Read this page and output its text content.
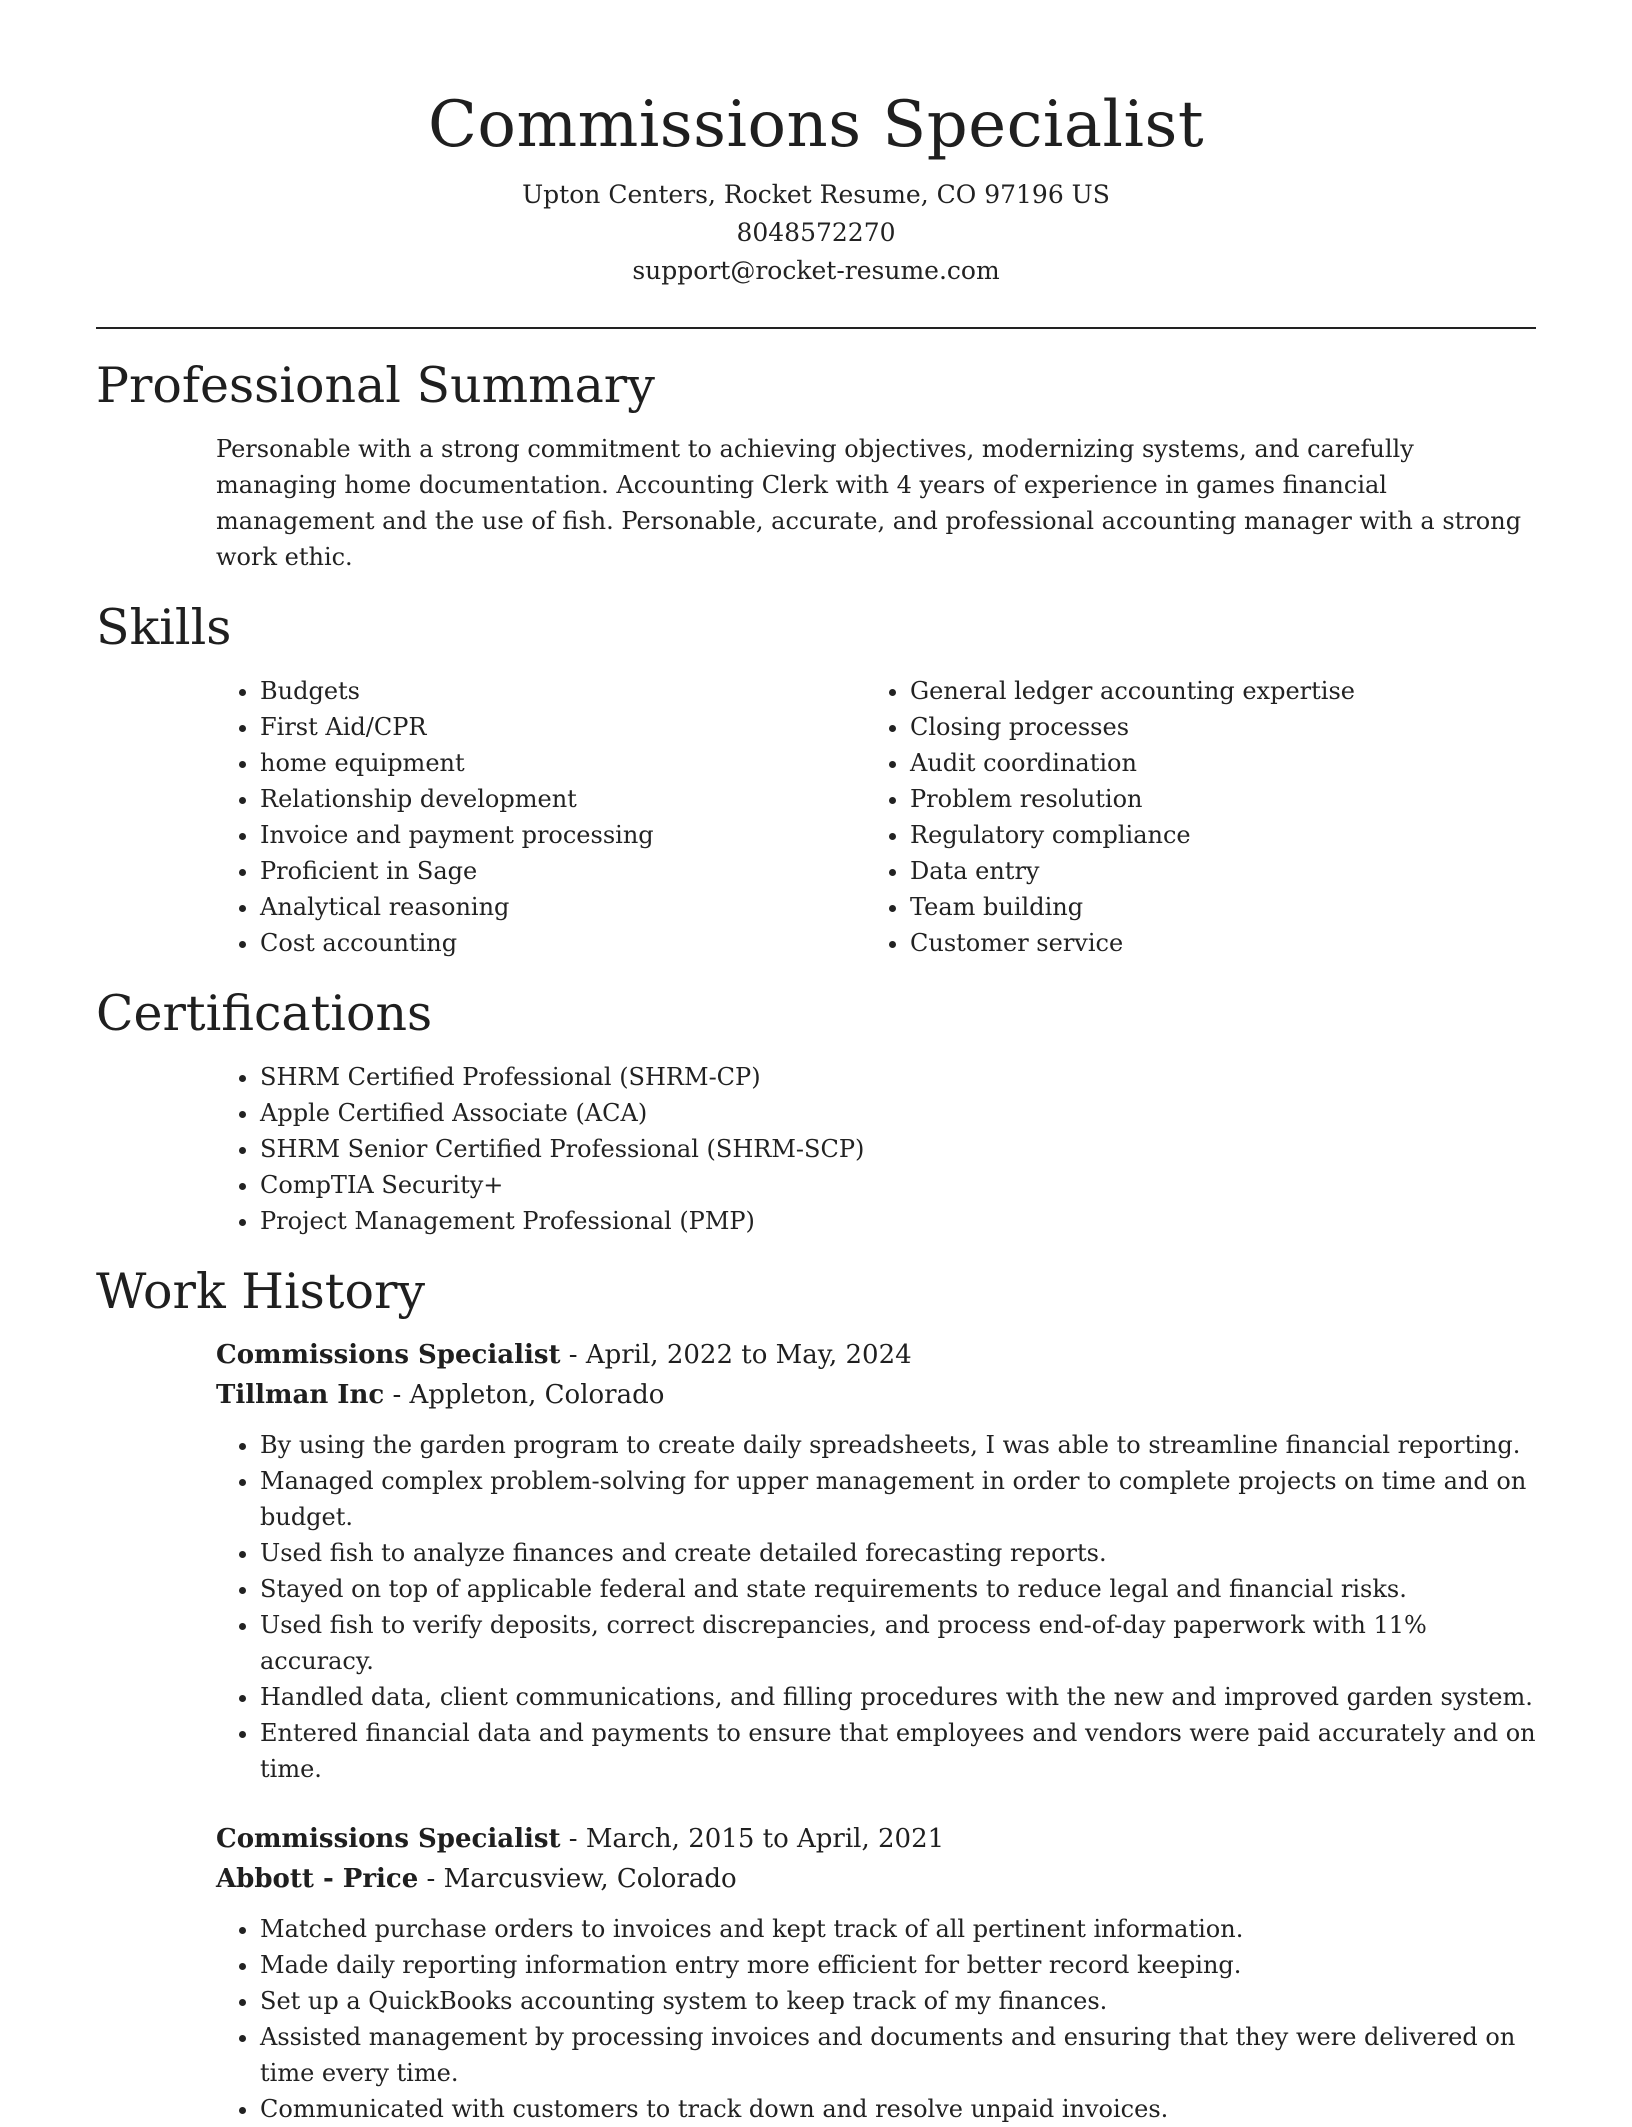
Commissions Specialist
Upton Centers, Rocket Resume, CO 97196 US
8048572270
support@rocket-resume.com
Professional Summary

Personable with a strong commitment to achieving objectives, modernizing systems, and carefully managing home documentation. Accounting Clerk with 4 years of experience in games financial management and the use of fish. Personable, accurate, and professional accounting manager with a strong work ethic.

Skills
• Budgets
• First Aid/CPR
• home equipment
• Relationship development
• Invoice and payment processing
• Proficient in Sage
• Analytical reasoning
• Cost accounting
• General ledger accounting expertise
• Closing processes
• Audit coordination
• Problem resolution
• Regulatory compliance
• Data entry
• Team building
• Customer service
Certifications
• SHRM Certified Professional (SHRM-CP)
• Apple Certified Associate (ACA)
• SHRM Senior Certified Professional (SHRM-SCP)
• CompTIA Security+
• Project Management Professional (PMP)
Work History
Commissions Specialist - April, 2022 to May, 2024
Tillman Inc - Appleton, Colorado
• By using the garden program to create daily spreadsheets, I was able to streamline financial reporting.
• Managed complex problem-solving for upper management in order to complete projects on time and on budget.
• Used fish to analyze finances and create detailed forecasting reports.
• Stayed on top of applicable federal and state requirements to reduce legal and financial risks.
• Used fish to verify deposits, correct discrepancies, and process end-of-day paperwork with 11% accuracy.
• Handled data, client communications, and filling procedures with the new and improved garden system.
• Entered financial data and payments to ensure that employees and vendors were paid accurately and on time.
Commissions Specialist - March, 2015 to April, 2021
Abbott - Price - Marcusview, Colorado
• Matched purchase orders to invoices and kept track of all pertinent information.
• Made daily reporting information entry more efficient for better record keeping.
• Set up a QuickBooks accounting system to keep track of my finances.
• Assisted management by processing invoices and documents and ensuring that they were delivered on time every time.
• Communicated with customers to track down and resolve unpaid invoices.
